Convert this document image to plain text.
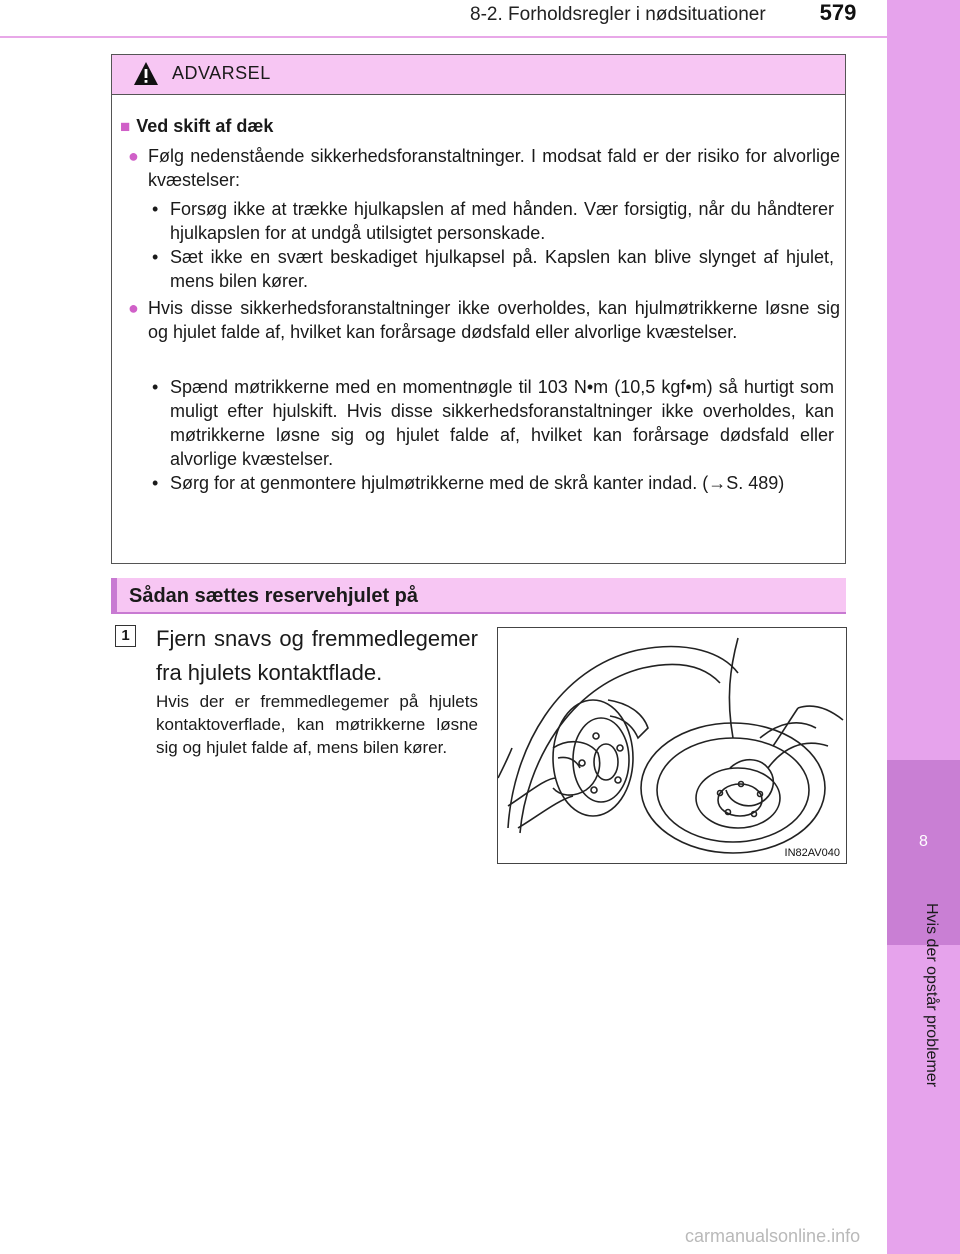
8-2. Forholdsregler i nødsituationer	579
8
Hvis der opstår problemer
ADVARSEL
■ Ved skift af dæk
● Følg nedenstående sikkerhedsforanstaltninger. I modsat fald er der risiko for alvorlige kvæstelser:
• Forsøg ikke at trække hjulkapslen af med hånden. Vær forsigtig, når du håndterer hjulkapslen for at undgå utilsigtet personskade.
• Sæt ikke en svært beskadiget hjulkapsel på. Kapslen kan blive slynget af hjulet, mens bilen kører.
● Hvis disse sikkerhedsforanstaltninger ikke overholdes, kan hjulmøtrikkerne løsne sig og hjulet falde af, hvilket kan forårsage dødsfald eller alvorlige kvæstelser.
• Spænd møtrikkerne med en momentnøgle til 103 N•m (10,5 kgf•m) så hurtigt som muligt efter hjulskift. Hvis disse sikkerhedsforanstaltninger ikke overholdes, kan møtrikkerne løsne sig og hjulet falde af, hvilket kan forårsage dødsfald eller alvorlige kvæstelser.
• Sørg for at genmontere hjulmøtrikkerne med de skrå kanter indad. (→S. 489)
Sådan sættes reservehjulet på
1 Fjern snavs og fremmedlegemer fra hjulets kontaktflade.
Hvis der er fremmedlegemer på hjulets kontaktoverflade, kan møtrikkerne løsne sig og hjulet falde af, mens bilen kører.
IN82AV040
carmanualsonline.info
